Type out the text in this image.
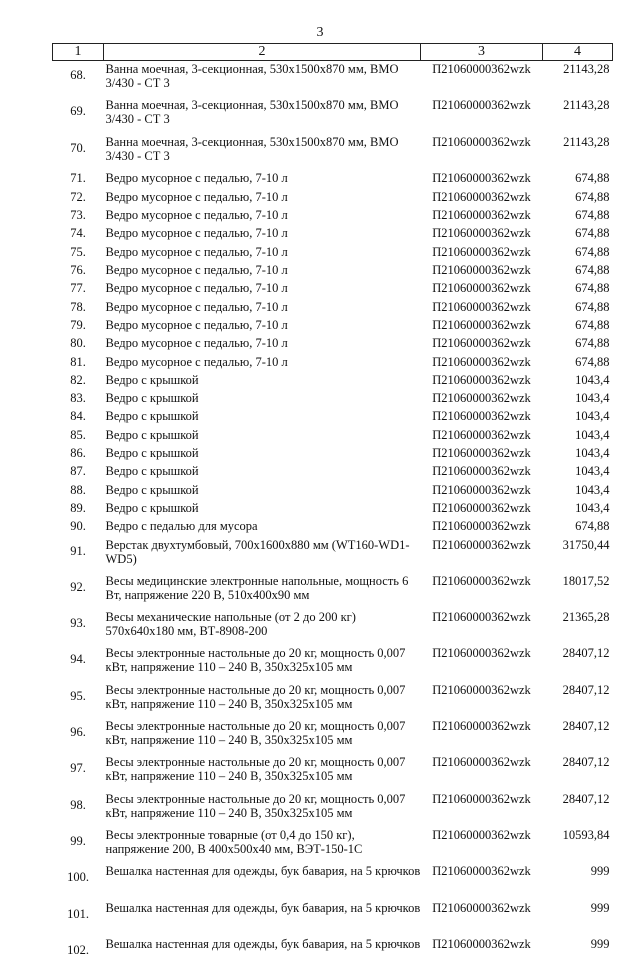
3
1	2	3	4
68.	Ванна моечная, 3-секционная, 530x1500x870 мм, ВМО 3/430 - СТ 3	П21060000362wzk	21143,28
69.	Ванна моечная, 3-секционная, 530x1500x870 мм, ВМО 3/430 - СТ 3	П21060000362wzk	21143,28
70.	Ванна моечная, 3-секционная, 530x1500x870 мм, ВМО 3/430 - СТ 3	П21060000362wzk	21143,28
71.	Ведро мусорное с педалью, 7-10 л	П21060000362wzk	674,88
72.	Ведро мусорное с педалью, 7-10 л	П21060000362wzk	674,88
73.	Ведро мусорное с педалью, 7-10 л	П21060000362wzk	674,88
74.	Ведро мусорное с педалью, 7-10 л	П21060000362wzk	674,88
75.	Ведро мусорное с педалью, 7-10 л	П21060000362wzk	674,88
76.	Ведро мусорное с педалью, 7-10 л	П21060000362wzk	674,88
77.	Ведро мусорное с педалью, 7-10 л	П21060000362wzk	674,88
78.	Ведро мусорное с педалью, 7-10 л	П21060000362wzk	674,88
79.	Ведро мусорное с педалью, 7-10 л	П21060000362wzk	674,88
80.	Ведро мусорное с педалью, 7-10 л	П21060000362wzk	674,88
81.	Ведро мусорное с педалью, 7-10 л	П21060000362wzk	674,88
82.	Ведро с крышкой	П21060000362wzk	1043,4
83.	Ведро с крышкой	П21060000362wzk	1043,4
84.	Ведро с крышкой	П21060000362wzk	1043,4
85.	Ведро с крышкой	П21060000362wzk	1043,4
86.	Ведро с крышкой	П21060000362wzk	1043,4
87.	Ведро с крышкой	П21060000362wzk	1043,4
88.	Ведро с крышкой	П21060000362wzk	1043,4
89.	Ведро с крышкой	П21060000362wzk	1043,4
90.	Ведро с педалью для мусора	П21060000362wzk	674,88
91.	Верстак двухтумбовый, 700x1600x880 мм (WT160-WD1- WD5)	П21060000362wzk	31750,44
92.	Весы медицинские электронные напольные, мощность 6 Вт, напряжение 220 В, 510x400x90 мм	П21060000362wzk	18017,52
93.	Весы механические напольные (от 2 до 200 кг) 570x640x180 мм, ВТ-8908-200	П21060000362wzk	21365,28
94.	Весы электронные настольные до 20 кг, мощность 0,007 кВт, напряжение 110 – 240 В, 350x325x105 мм	П21060000362wzk	28407,12
95.	Весы электронные настольные до 20 кг, мощность 0,007 кВт, напряжение 110 – 240 В, 350x325x105 мм	П21060000362wzk	28407,12
96.	Весы электронные настольные до 20 кг, мощность 0,007 кВт, напряжение 110 – 240 В, 350x325x105 мм	П21060000362wzk	28407,12
97.	Весы электронные настольные до 20 кг, мощность 0,007 кВт, напряжение 110 – 240 В, 350x325x105 мм	П21060000362wzk	28407,12
98.	Весы электронные настольные до 20 кг, мощность 0,007 кВт, напряжение 110 – 240 В, 350x325x105 мм	П21060000362wzk	28407,12
99.	Весы электронные товарные (от 0,4 до 150 кг), напряжение 200, В 400x500x40 мм, ВЭТ-150-1С	П21060000362wzk	10593,84
100.	Вешалка настенная для одежды, бук бавария, на 5 крючков	П21060000362wzk	999
101.	Вешалка настенная для одежды, бук бавария, на 5 крючков	П21060000362wzk	999
102.	Вешалка настенная для одежды, бук бавария, на 5 крючков	П21060000362wzk	999
